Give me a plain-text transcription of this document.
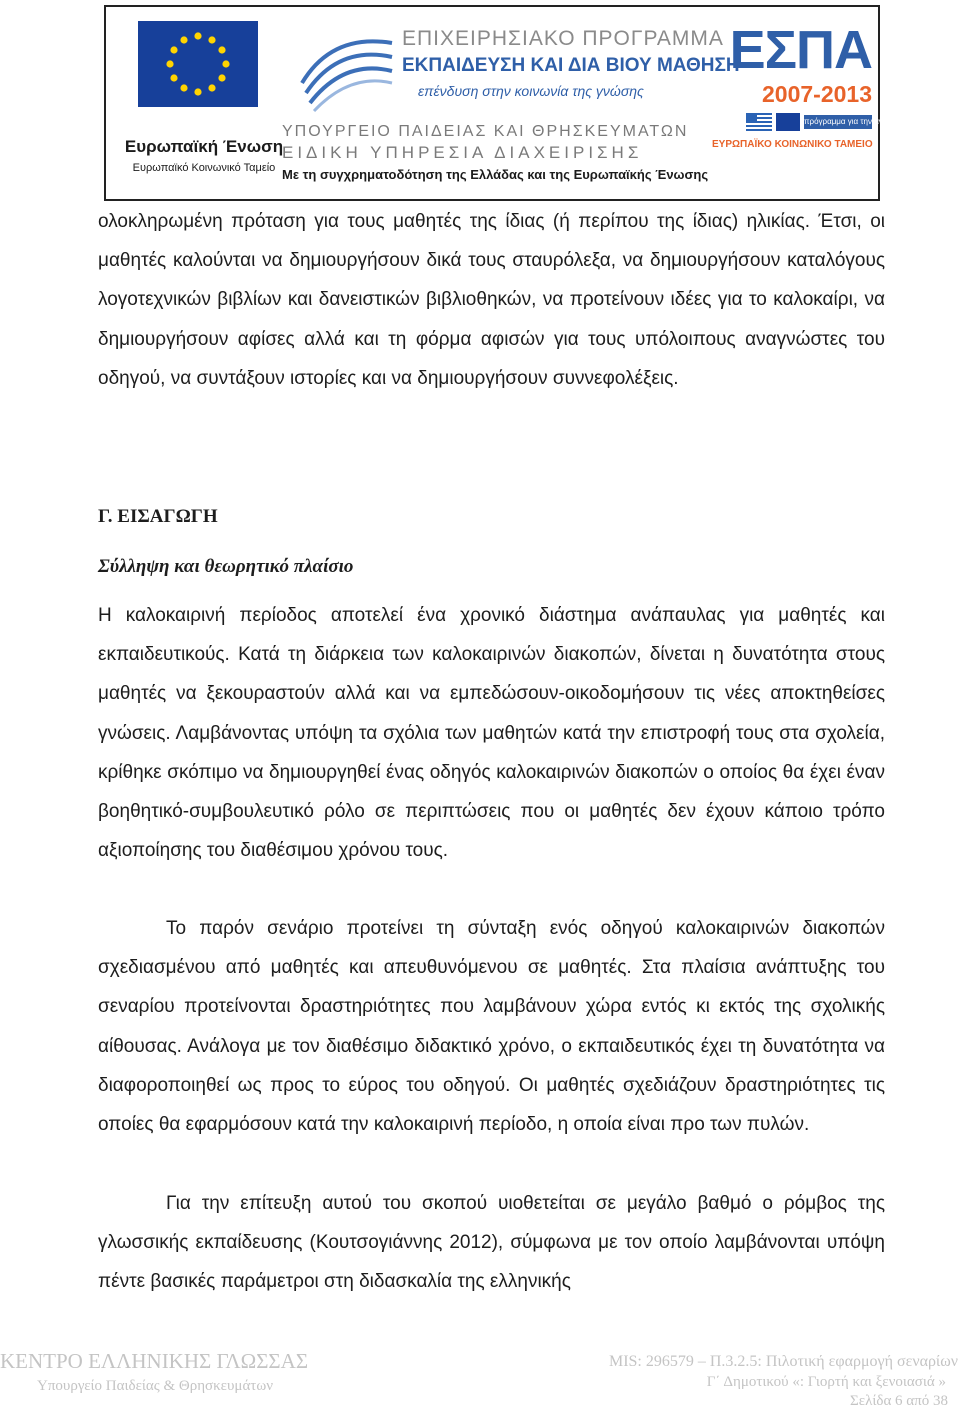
Ευρωπαϊκή Ένωση
Ευρωπαϊκό Κοινωνικό Ταμείο
ΕΠΙΧΕΙΡΗΣΙΑΚΟ ΠΡΟΓΡΑΜΜΑ
ΕΚΠΑΙΔΕΥΣΗ ΚΑΙ ΔΙΑ ΒΙΟΥ ΜΑΘΗΣΗ
επένδυση στην κοινωνία της γνώσης
ΥΠΟΥΡΓΕΙΟ ΠΑΙΔΕΙΑΣ ΚΑΙ ΘΡΗΣΚΕΥΜΑΤΩΝ
ΕΙΔΙΚΗ ΥΠΗΡΕΣΙΑ ΔΙΑΧΕΙΡΙΣΗΣ
Με τη συγχρηματοδότηση της Ελλάδας και της Ευρωπαϊκής Ένωσης
ΕΣΠΑ
2007-2013
πρόγραμμα για την ανάπτυξη
ΕΥΡΩΠΑΪΚΟ ΚΟΙΝΩΝΙΚΟ ΤΑΜΕΙΟ
ολοκληρωμένη πρόταση για τους μαθητές της ίδιας (ή περίπου της ίδιας) ηλικίας. Έτσι, οι μαθητές καλούνται να δημιουργήσουν δικά τους σταυρόλεξα, να δημιουργήσουν καταλόγους λογοτεχνικών βιβλίων και δανειστικών βιβλιοθηκών, να προτείνουν ιδέες για το καλοκαίρι, να δημιουργήσουν αφίσες αλλά και τη φόρμα αφισών για τους υπόλοιπους αναγνώστες του οδηγού, να συντάξουν ιστορίες και να δημιουργήσουν συννεφολέξεις.
Γ. ΕΙΣΑΓΩΓΗ
Σύλληψη και θεωρητικό πλαίσιο
Η καλοκαιρινή περίοδος αποτελεί ένα χρονικό διάστημα ανάπαυλας για μαθητές και εκπαιδευτικούς. Κατά τη διάρκεια των καλοκαιρινών διακοπών, δίνεται η δυνατότητα στους μαθητές να ξεκουραστούν αλλά και να εμπεδώσουν-οικοδομήσουν τις νέες αποκτηθείσες γνώσεις. Λαμβάνοντας υπόψη τα σχόλια των μαθητών κατά την επιστροφή τους στα σχολεία, κρίθηκε σκόπιμο να δημιουργηθεί ένας οδηγός καλοκαιρινών διακοπών ο οποίος θα έχει έναν βοηθητικό-συμβουλευτικό ρόλο σε περιπτώσεις που οι μαθητές δεν έχουν κάποιο τρόπο αξιοποίησης του διαθέσιμου χρόνου τους.
Το παρόν σενάριο προτείνει τη σύνταξη ενός οδηγού καλοκαιρινών διακοπών σχεδιασμένου από μαθητές και απευθυνόμενου σε μαθητές. Στα πλαίσια ανάπτυξης του σεναρίου προτείνονται δραστηριότητες που λαμβάνουν χώρα εντός κι εκτός της σχολικής αίθουσας. Ανάλογα με τον διαθέσιμο διδακτικό χρόνο, ο εκπαιδευτικός έχει τη δυνατότητα να διαφοροποιηθεί ως προς το εύρος του οδηγού. Οι μαθητές σχεδιάζουν δραστηριότητες τις οποίες θα εφαρμόσουν κατά την καλοκαιρινή περίοδο, η οποία είναι προ των πυλών.
Για την επίτευξη αυτού του σκοπού υιοθετείται σε μεγάλο βαθμό ο ρόμβος της γλωσσικής εκπαίδευσης (Κουτσογιάννης 2012), σύμφωνα με τον οποίο λαμβάνονται υπόψη πέντε βασικές παράμετροι στη διδασκαλία της ελληνικής
ΚΕΝΤΡΟ ΕΛΛΗΝΙΚΗΣ ΓΛΩΣΣΑΣ
Υπουργείο Παιδείας & Θρησκευμάτων
MIS: 296579 – Π.3.2.5: Πιλοτική εφαρμογή σεναρίων
Γ΄ Δημοτικού «: Γιορτή και ξενοιασιά »
Σελίδα 6 από 38
